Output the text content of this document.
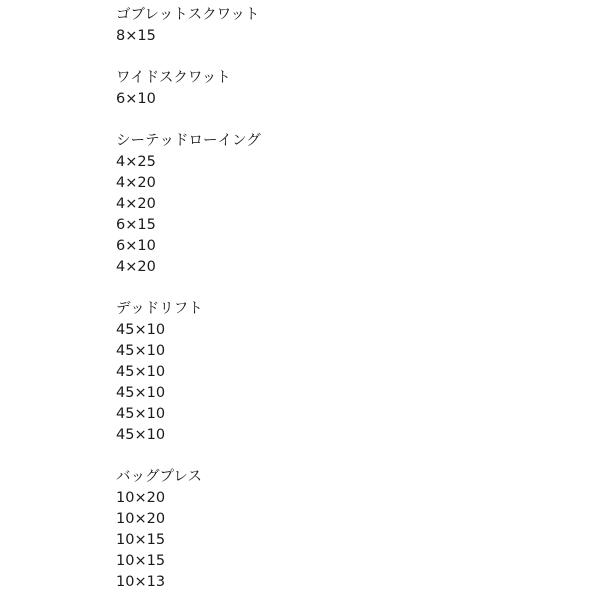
ゴブレットスクワット

8×15

ワイドスクワット

6×10

シーテッドローイング

4×25

4×20

4×20

6×15

6×10

4×20

デッドリフト

45×10

45×10

45×10

45×10

45×10

45×10

バッグプレス

10×20

10×20

10×15

10×15

10×13
